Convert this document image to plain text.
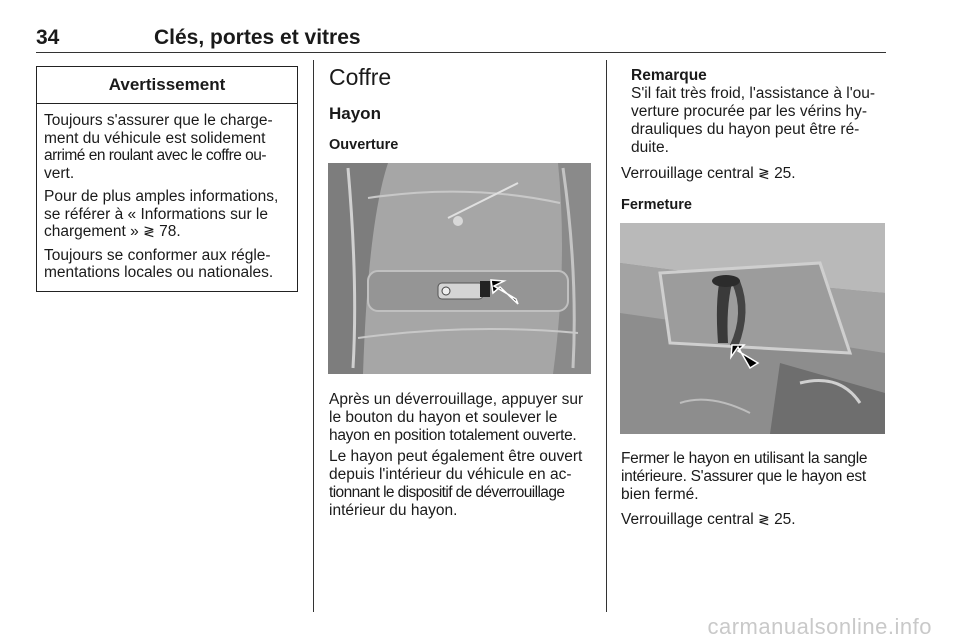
34	Clés, portes et vitres
Avertissement

Toujours s'assurer que le charge-
ment du véhicule est solidement
arrimé en roulant avec le coffre ou-
vert.

Pour de plus amples informations,
se référer à « Informations sur le
chargement » ≷ 78.

Toujours se conformer aux régle-
mentations locales ou nationales.

Coffre
Hayon
Ouverture
Après un déverrouillage, appuyer sur
le bouton du hayon et soulever le
hayon en position totalement ouverte.
Le hayon peut également être ouvert
depuis l'intérieur du véhicule en ac-
tionnant le dispositif de déverrouillage
intérieur du hayon.
Remarque
S'il fait très froid, l'assistance à l'ou-
verture procurée par les vérins hy-
drauliques du hayon peut être ré-
duite.
Verrouillage central ≷ 25.
Fermeture
Fermer le hayon en utilisant la sangle
intérieure. S'assurer que le hayon est
bien fermé.
Verrouillage central ≷ 25.
carmanualsonline.info
